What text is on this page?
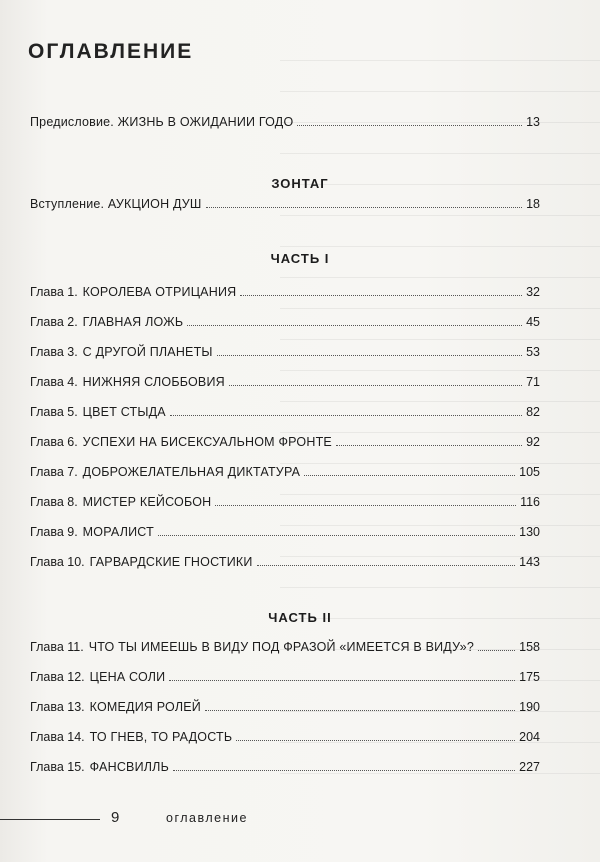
ОГЛАВЛЕНИЕ
Предисловие. ЖИЗНЬ В ОЖИДАНИИ ГОДО	13
ЗОНТАГ
Вступление. АУКЦИОН ДУШ	18
ЧАСТЬ I
Глава 1. КОРОЛЕВА ОТРИЦАНИЯ	32
Глава 2. ГЛАВНАЯ ЛОЖЬ	45
Глава 3. С ДРУГОЙ ПЛАНЕТЫ	53
Глава 4. НИЖНЯЯ СЛОББОВИЯ	71
Глава 5. ЦВЕТ СТЫДА	82
Глава 6. УСПЕХИ НА БИСЕКСУАЛЬНОМ ФРОНТЕ	92
Глава 7. ДОБРОЖЕЛАТЕЛЬНАЯ ДИКТАТУРА	105
Глава 8. МИСТЕР КЕЙСОБОН	116
Глава 9. МОРАЛИСТ	130
Глава 10. ГАРВАРДСКИЕ ГНОСТИКИ	143
ЧАСТЬ II
Глава 11. ЧТО ТЫ ИМЕЕШЬ В ВИДУ ПОД ФРАЗОЙ «ИМЕЕТСЯ В ВИДУ»?	158
Глава 12. ЦЕНА СОЛИ	175
Глава 13. КОМЕДИЯ РОЛЕЙ	190
Глава 14. ТО ГНЕВ, ТО РАДОСТЬ	204
Глава 15. ФАНСВИЛЛЬ	227
9	оглавление
